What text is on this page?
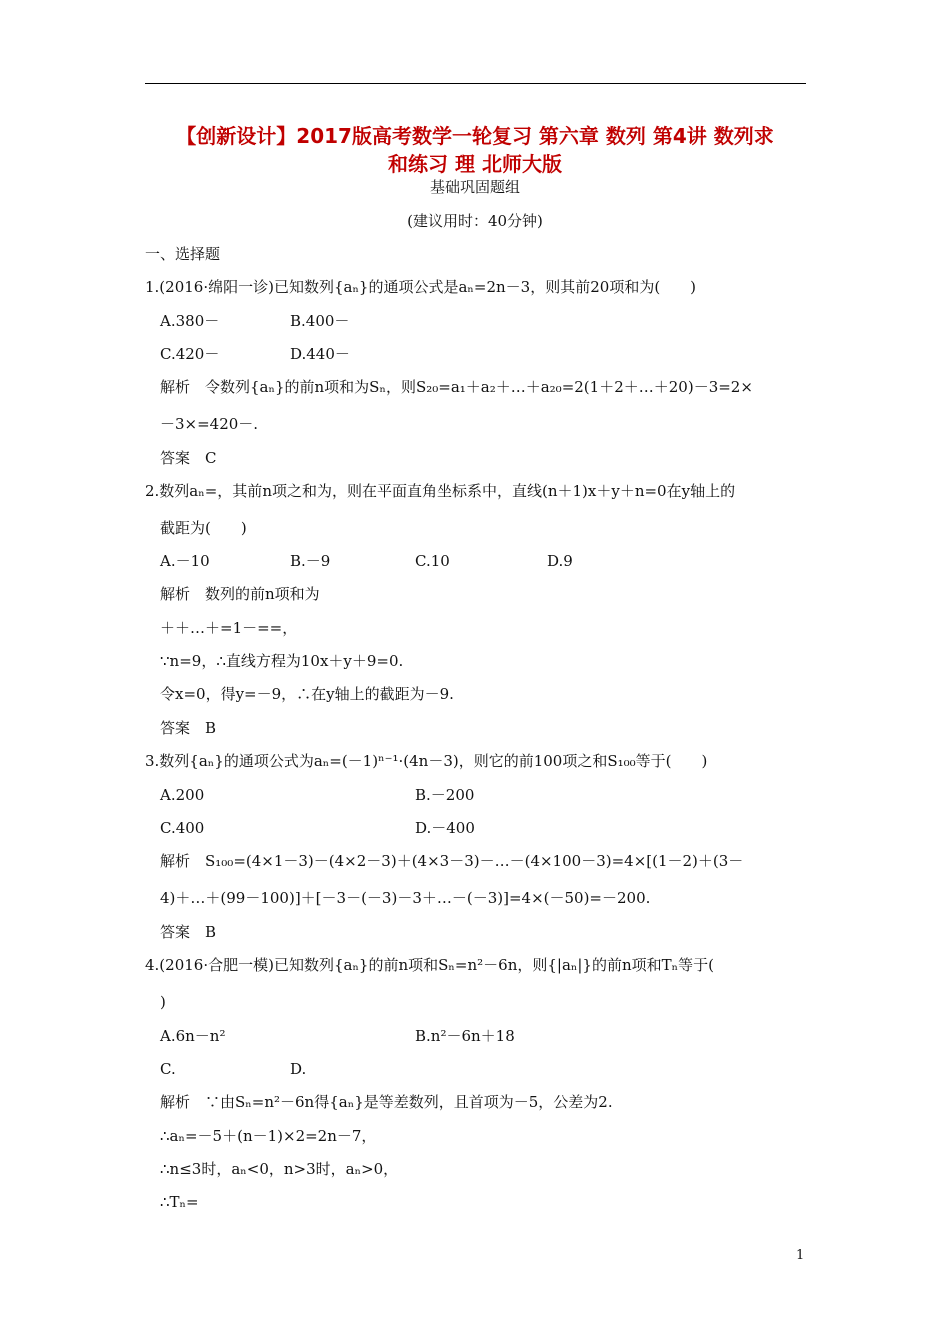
【创新设计】2017版高考数学一轮复习 第六章 数列 第4讲 数列求
和练习 理 北师大版
基础巩固题组
(建议用时：40分钟)
一、选择题
1.(2016·绵阳一诊)已知数列{aₙ}的通项公式是aₙ=2n－3，则其前20项和为(　　)
A.380－	B.400－
C.420－	D.440－
解析　令数列{aₙ}的前n项和为Sₙ，则S₂₀=a₁＋a₂＋…＋a₂₀=2(1＋2＋…＋20)－3=2×
－3×=420－.
答案　C
2.数列aₙ=，其前n项之和为，则在平面直角坐标系中，直线(n＋1)x＋y＋n=0在y轴上的
截距为(　　)
A.－10	B.－9	C.10	D.9
解析　数列的前n项和为
＋＋…＋=1－==，
∵n=9，∴直线方程为10x＋y＋9=0.
令x=0，得y=－9，∴在y轴上的截距为－9.
答案　B
3.数列{aₙ}的通项公式为aₙ=(－1)ⁿ⁻¹·(4n－3)，则它的前100项之和S₁₀₀等于(　　)
A.200	B.－200
C.400	D.－400
解析　S₁₀₀=(4×1－3)－(4×2－3)＋(4×3－3)－…－(4×100－3)=4×[(1－2)＋(3－
4)＋…＋(99－100)]＋[－3－(－3)－3＋…－(－3)]=4×(－50)=－200.
答案　B
4.(2016·合肥一模)已知数列{aₙ}的前n项和Sₙ=n²－6n，则{|aₙ|}的前n项和Tₙ等于(
)
A.6n－n²	B.n²－6n＋18
C.	D.
解析　∵由Sₙ=n²－6n得{aₙ}是等差数列，且首项为－5，公差为2.
∴aₙ=－5＋(n－1)×2=2n－7，
∴n≤3时，aₙ<0，n>3时，aₙ>0，
∴Tₙ=
1
